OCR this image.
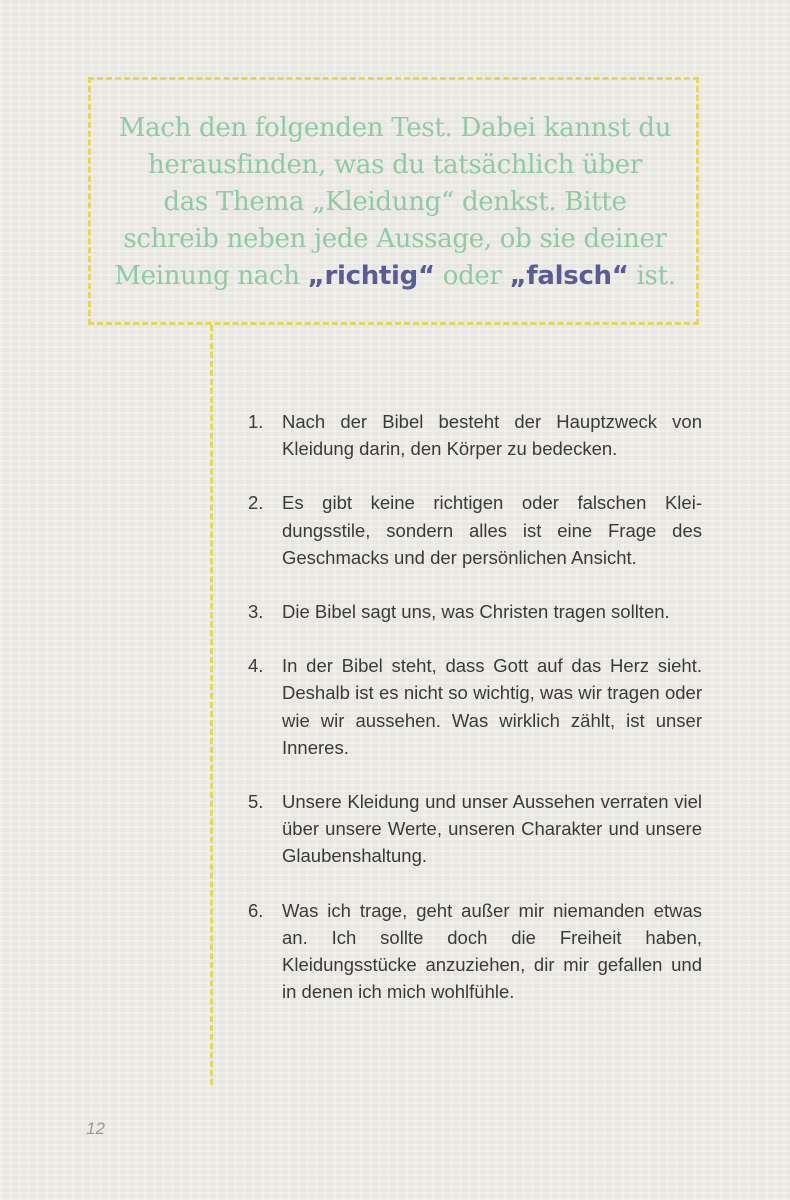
Mach den folgenden Test. Dabei kannst du
herausfinden, was du tatsächlich über
das Thema „Kleidung“ denkst. Bitte
schreib neben jede Aussage, ob sie deiner
Meinung nach „richtig“ oder „falsch“ ist.
1. Nach der Bibel besteht der Hauptzweck von Kleidung darin, den Körper zu bedecken.
2. Es gibt keine richtigen oder falschen Kleidungsstile, sondern alles ist eine Frage des Geschmacks und der persönlichen Ansicht.
3. Die Bibel sagt uns, was Christen tragen sollten.
4. In der Bibel steht, dass Gott auf das Herz sieht. Deshalb ist es nicht so wichtig, was wir tragen oder wie wir aussehen. Was wirklich zählt, ist unser Inneres.
5. Unsere Kleidung und unser Aussehen verraten viel über unsere Werte, unseren Charakter und unsere Glaubenshaltung.
6. Was ich trage, geht außer mir niemanden etwas an. Ich sollte doch die Freiheit haben, Kleidungsstücke anzuziehen, dir mir gefallen und in denen ich mich wohlfühle.
12
